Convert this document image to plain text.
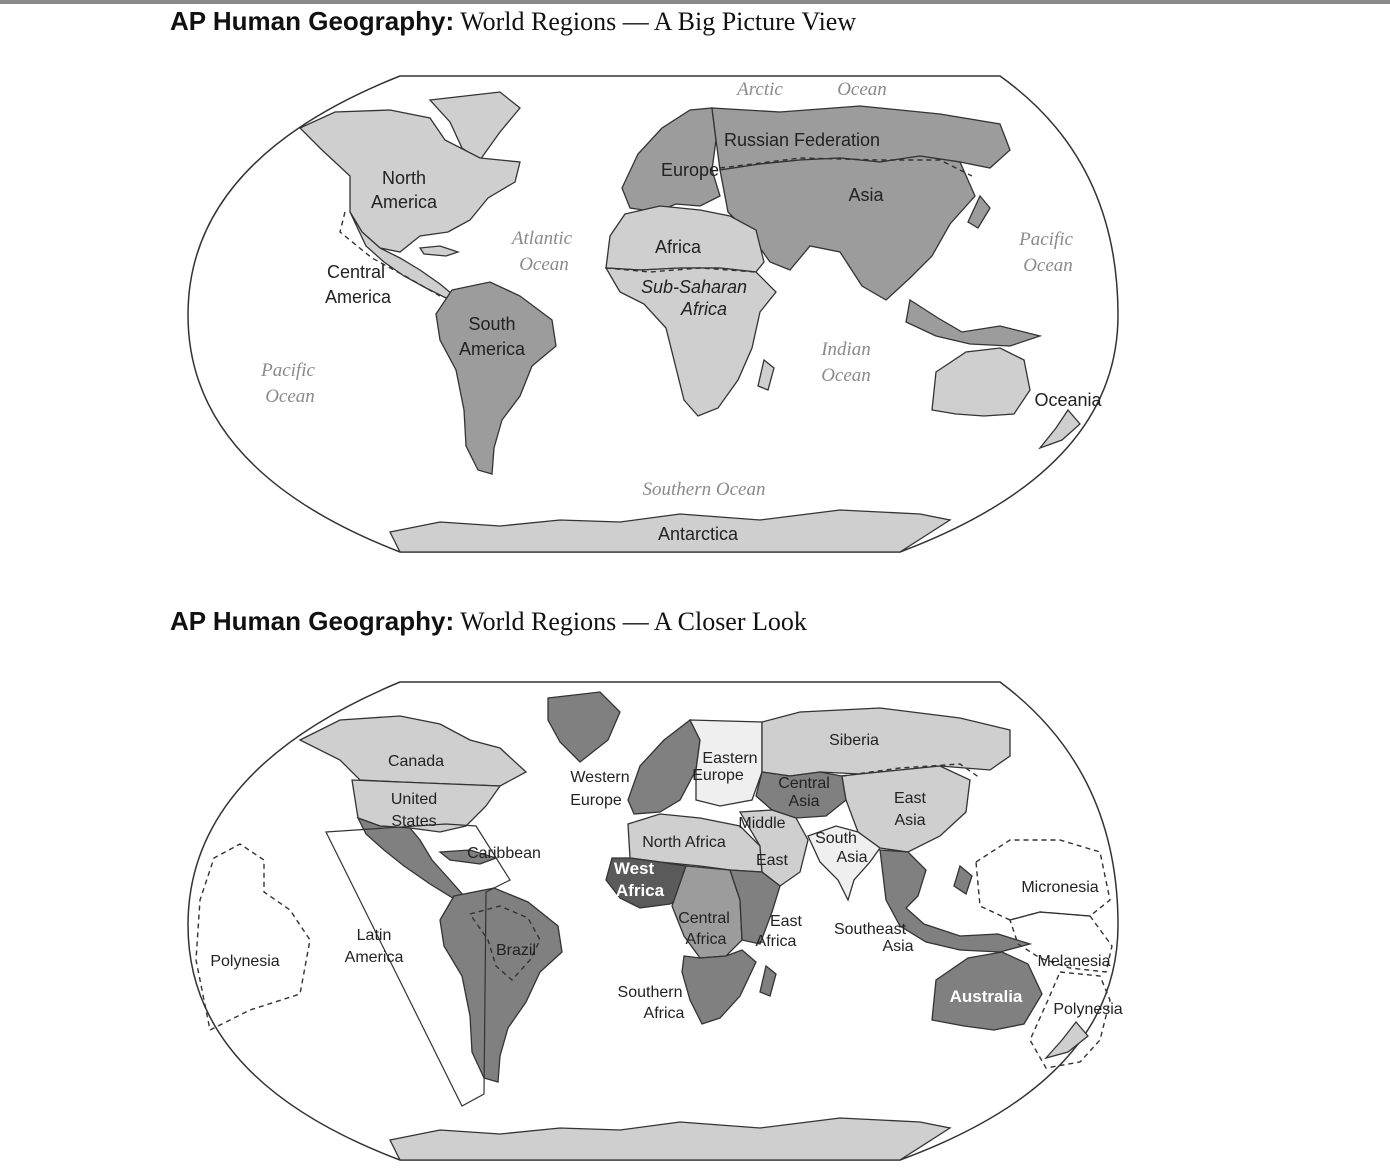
AP Human Geography: World Regions — A Big Picture View
North
America
Central
America
South
America
Europe
Russian Federation
Asia
Africa
Sub-Saharan
Africa
Oceania
Antarctica
Arctic	Ocean
Atlantic
Ocean
Pacific
Ocean
Pacific
Ocean
Indian
Ocean
Southern Ocean
AP Human Geography: World Regions — A Closer Look
Canada
United
States
Caribbean
Latin
America	Brazil
Western
Europe
Eastern
Europe
Siberia
Central
Asia	East
Asia
North Africa
Middle
East
South
Asia
West
Africa
Central
Africa
East
Africa
Southern
Africa
Southeast
Asia
Micronesia
Melanesia
Polynesia
Polynesia
Australia
